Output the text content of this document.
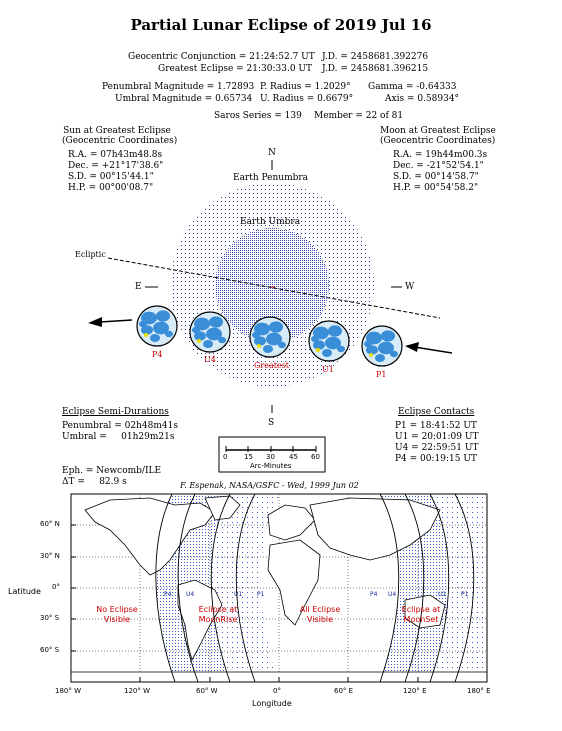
Partial Lunar Eclipse of 2019 Jul 16
Geocentric Conjunction = 21:24:52.7 UT J.D. = 2458681.392276
Greatest Eclipse = 21:30:33.0 UT J.D. = 2458681.396215
Penumbral Magnitude = 1.72893 P. Radius = 1.2029° Gamma = -0.64333
Umbral Magnitude = 0.65734 U. Radius = 0.6679°	Axis = 0.58934°
Saros Series = 139 Member = 22 of 81
Sun at Greatest Eclipse
(Geocentric Coordinates)
R.A. = 07h43m48.8s
Dec. = +21°17'38.6"
S.D. = 00°15'44.1"
H.P. = 00°00'08.7"
Moon at Greatest Eclipse
(Geocentric Coordinates)
R.A. = 19h44m00.3s
Dec. = -21°52'54.1"
S.D. = 00°14'58.7"
H.P. = 00°54'58.2"
N
S
E	W
Earth Penumbra
Earth Umbra
Ecliptic
P4
U4
Greatest	U1
P1
0 15 30 45 60
Arc-Minutes
Eclipse Semi-Durations
Penumbral = 02h48m41s
Umbral =     01h29m21s
Eclipse Contacts
P1 = 18:41:52 UT
U1 = 20:01:09 UT
U4 = 22:59:51 UT
P4 = 00:19:15 UT
Eph. = Newcomb/ILE
ΔT =     82.9 s	F. Espenak, NASA/GSFC - Wed, 1999 Jun 02
Latitude
Longitude
60° N
30° N
0°
30° S
60° S
180° W	120° W	60° W	0°	60° E	120° E	180° E
No Eclipse
Visible
Eclipse at
MoonRise
All Eclipse
Visible
Eclipse at
MoonSet
P4 U4	U1 P1	P4 U4	U1 P1
